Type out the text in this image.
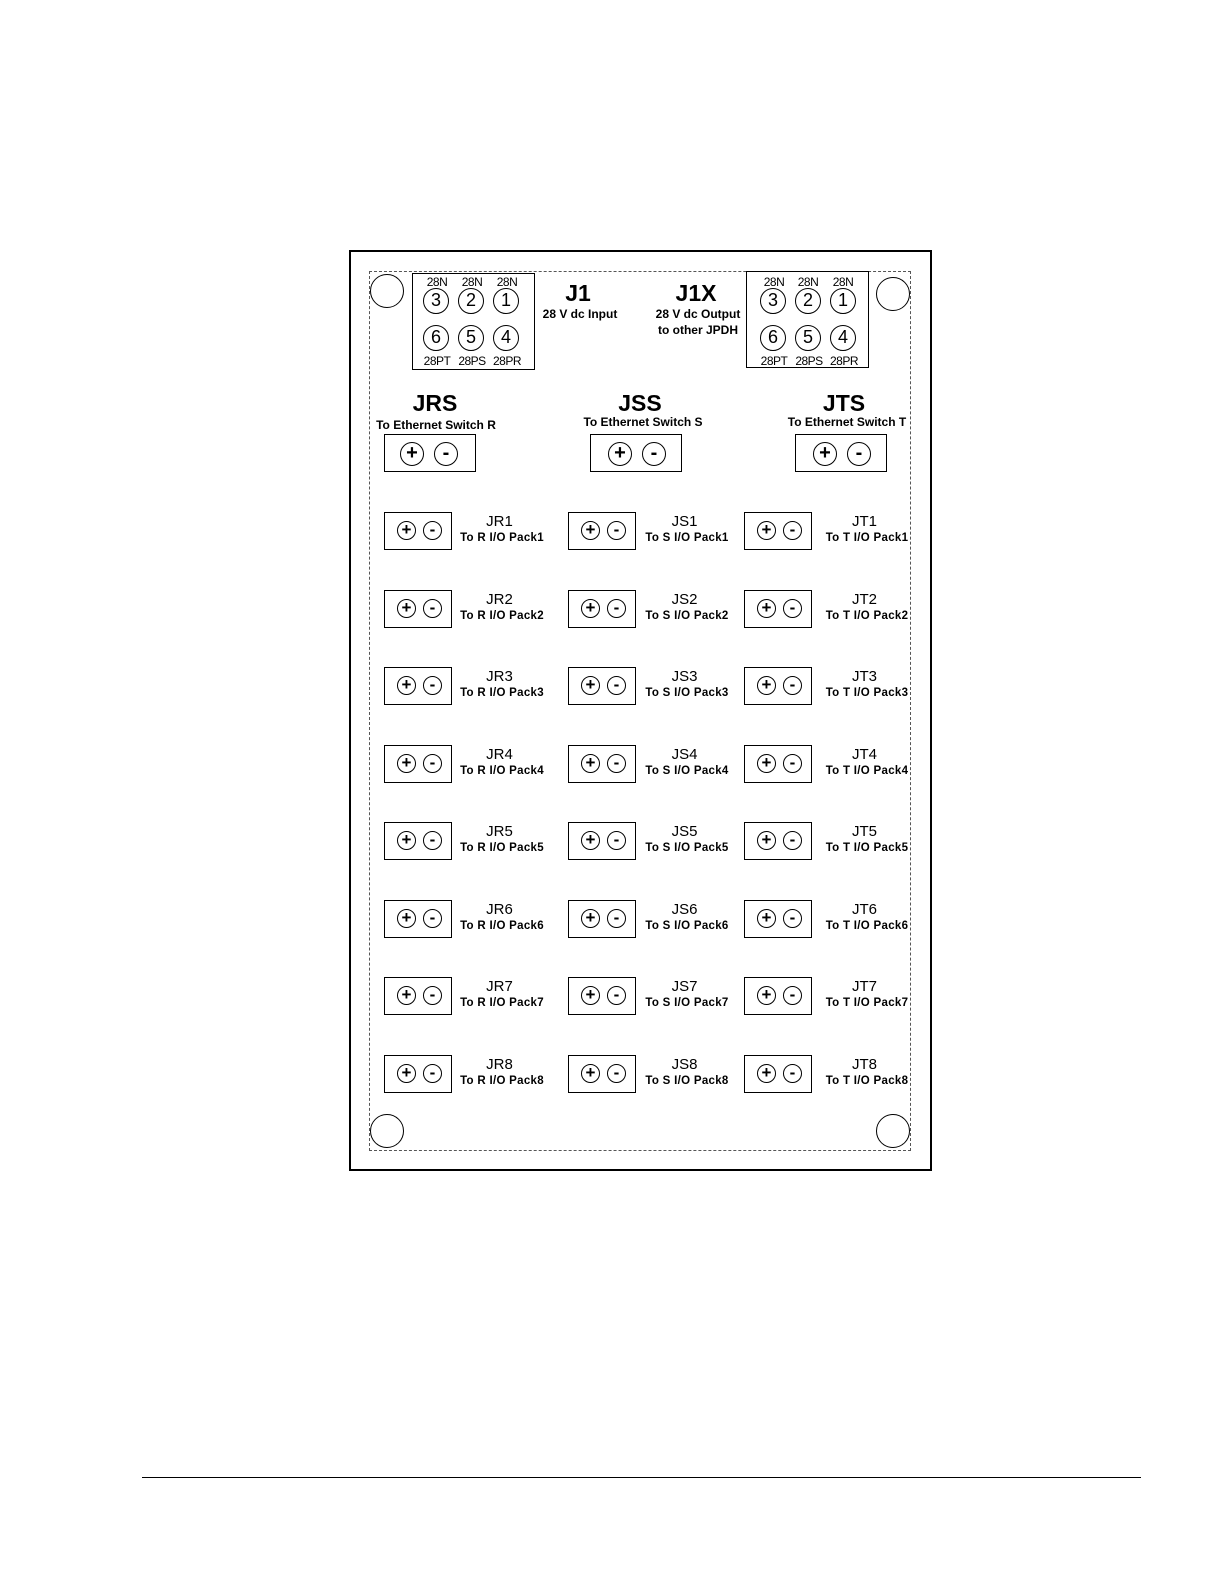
28N	28N	28N
3	2	1
6	5	4
28PT 28PS 28PR
J1
28 V dc Input
J1X
28 V dc Output
to other JPDH
28N	28N	28N
3	2	1
6	5	4
28PT 28PS 28PR
JRS
To Ethernet Switch R
+	-
JSS
To Ethernet Switch S
+	-
JTS
To Ethernet Switch T
+	-
+	-	JR1
To R I/O Pack1
+	-	JR2
To R I/O Pack2
+	-	JR3
To R I/O Pack3
+	-	JR4
To R I/O Pack4
+	-	JR5
To R I/O Pack5
+	-	JR6
To R I/O Pack6
+	-	JR7
To R I/O Pack7
+	-	JR8
To R I/O Pack8
+	-	JS1
To S I/O Pack1
+	-	JS2
To S I/O Pack2
+	-	JS3
To S I/O Pack3
+	-	JS4
To S I/O Pack4
+	-	JS5
To S I/O Pack5
+	-	JS6
To S I/O Pack6
+	-	JS7
To S I/O Pack7
+	-	JS8
To S I/O Pack8
+	-	JT1
To T I/O Pack1
+	-	JT2
To T I/O Pack2
+	-	JT3
To T I/O Pack3
+	-	JT4
To T I/O Pack4
+	-	JT5
To T I/O Pack5
+	-	JT6
To T I/O Pack6
+	-	JT7
To T I/O Pack7
+	-	JT8
To T I/O Pack8
